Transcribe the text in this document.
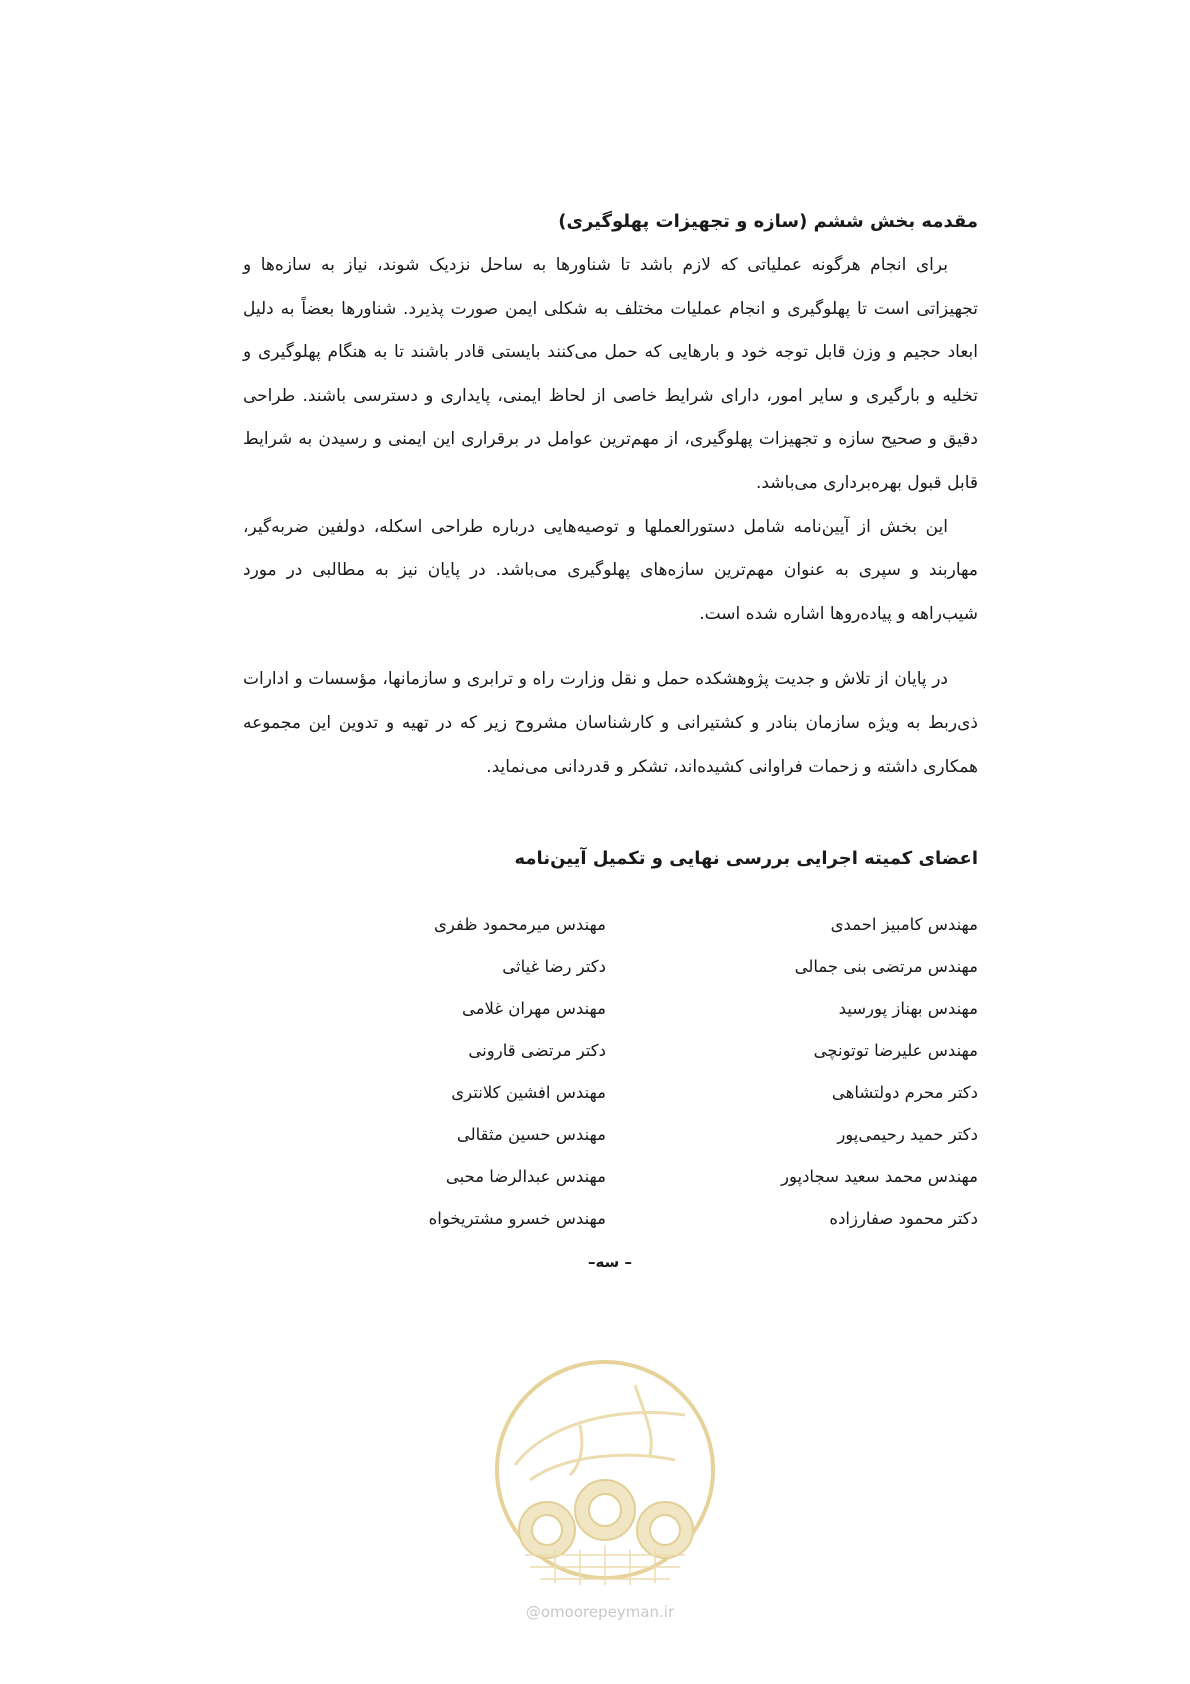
مقدمه بخش ششم (سازه و تجهیزات پهلوگیری)

برای انجام هرگونه عملیاتی که لازم باشد تا شناورها به ساحل نزدیک شوند، نیاز به سازه‌ها و تجهیزاتی است تا پهلوگیری و انجام عملیات مختلف به شکلی ایمن صورت پذیرد. شناورها بعضاً به دلیل ابعاد حجیم و وزن قابل توجه خود و بارهایی که حمل می‌کنند بایستی قادر باشند تا به هنگام پهلوگیری و تخلیه و بارگیری و سایر امور، دارای شرایط خاصی از لحاظ ایمنی، پایداری و دسترسی باشند. طراحی دقیق و صحیح سازه و تجهیزات پهلوگیری، از مهم‌ترین عوامل در برقراری این ایمنی و رسیدن به شرایط قابل قبول بهره‌برداری می‌باشد.

این بخش از آیین‌نامه شامل دستورالعملها و توصیه‌هایی درباره طراحی اسکله، دولفین ضربه‌گیر، مهاربند و سپری به عنوان مهم‌ترین سازه‌های پهلوگیری می‌باشد. در پایان نیز به مطالبی در مورد شیب‌راهه و پیاده‌روها اشاره شده است.

در پایان از تلاش و جدیت پژوهشکده حمل و نقل وزارت راه و ترابری و سازمانها، مؤسسات و ادارات ذی‌ربط به ویژه سازمان بنادر و کشتیرانی و کارشناسان مشروح زیر که در تهیه و تدوین این مجموعه همکاری داشته و زحمات فراوانی کشیده‌اند، تشکر و قدردانی می‌نماید.

اعضای کمیته اجرایی بررسی نهایی و تکمیل آیین‌نامه
مهندس کامبیز احمدی
مهندس مرتضی بنی جمالی
مهندس بهناز پورسید
مهندس علیرضا توتونچی
دکتر محرم دولتشاهی
دکتر حمید رحیمی‌پور
مهندس محمد سعید سجادپور
دکتر محمود صفارزاده
مهندس میرمحمود ظفری
دکتر رضا غیاثی
مهندس مهران غلامی
دکتر مرتضی قارونی
مهندس افشین کلانتری
مهندس حسین مثقالی
مهندس عبدالرضا محبی
مهندس خسرو مشتریخواه
– سه–
@omoorepeyman.ir
